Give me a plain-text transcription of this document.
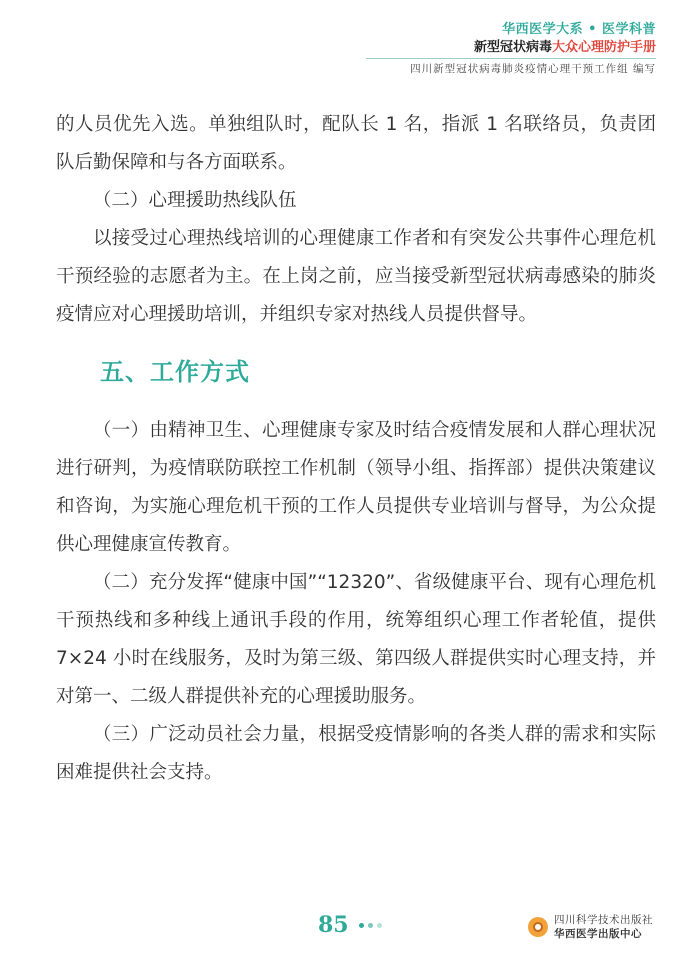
华西医学大系 • 医学科普
新型冠状病毒大众心理防护手册
四川新型冠状病毒肺炎疫情心理干预工作组 编写

的人员优先入选。单独组队时，配队长 1 名，指派 1 名联络员，负责团队后勤保障和与各方面联系。

（二）心理援助热线队伍

以接受过心理热线培训的心理健康工作者和有突发公共事件心理危机干预经验的志愿者为主。在上岗之前，应当接受新型冠状病毒感染的肺炎疫情应对心理援助培训，并组织专家对热线人员提供督导。

五、工作方式

（一）由精神卫生、心理健康专家及时结合疫情发展和人群心理状况进行研判，为疫情联防联控工作机制（领导小组、指挥部）提供决策建议和咨询，为实施心理危机干预的工作人员提供专业培训与督导，为公众提供心理健康宣传教育。

（二）充分发挥“健康中国”“12320”、省级健康平台、现有心理危机干预热线和多种线上通讯手段的作用，统筹组织心理工作者轮值，提供 7×24 小时在线服务，及时为第三级、第四级人群提供实时心理支持，并对第一、二级人群提供补充的心理援助服务。

（三）广泛动员社会力量，根据受疫情影响的各类人群的需求和实际困难提供社会支持。

85	四川科学技术出版社
华西医学出版中心
